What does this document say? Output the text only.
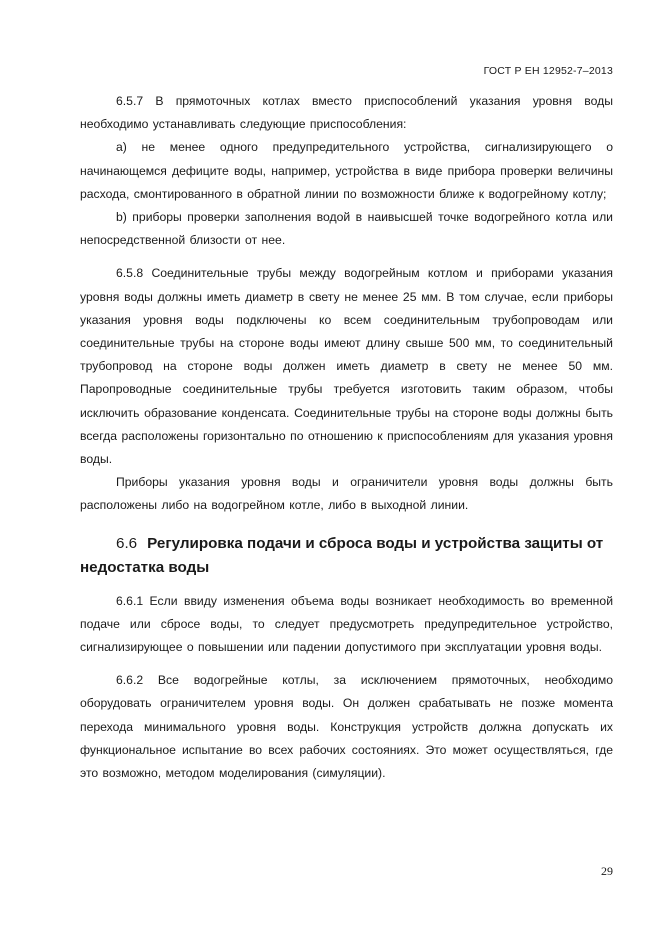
ГОСТ Р ЕН 12952-7–2013

6.5.7 В прямоточных котлах вместо приспособлений указания уровня воды необходимо устанавливать следующие приспособления:

a) не менее одного предупредительного устройства, сигнализирующего о начинающемся дефиците воды, например, устройства в виде прибора проверки величины расхода, смонтированного в обратной линии по возможности ближе к водогрейному котлу;

b) приборы проверки заполнения водой в наивысшей точке водогрейного котла или непосредственной близости от нее.

6.5.8 Соединительные трубы между водогрейным котлом и приборами указания уровня воды должны иметь диаметр в свету не менее 25 мм. В том случае, если приборы указания уровня воды подключены ко всем соединительным трубопроводам или соединительные трубы на стороне воды имеют длину свыше 500 мм, то соединительный трубопровод на стороне воды должен иметь диаметр в свету не менее 50 мм. Паропроводные соединительные трубы требуется изготовить таким образом, чтобы исключить образование конденсата. Соединительные трубы на стороне воды должны быть всегда расположены горизонтально по отношению к приспособлениям для указания уровня воды.

Приборы указания уровня воды и ограничители уровня воды должны быть расположены либо на водогрейном котле, либо в выходной линии.

6.6 Регулировка подачи и сброса воды и устройства защиты от недостатка воды

6.6.1 Если ввиду изменения объема воды возникает необходимость во временной подаче или сбросе воды, то следует предусмотреть предупредительное устройство, сигнализирующее о повышении или падении допустимого при эксплуатации уровня воды.

6.6.2 Все водогрейные котлы, за исключением прямоточных, необходимо оборудовать ограничителем уровня воды. Он должен срабатывать не позже момента перехода минимального уровня воды. Конструкция устройств должна допускать их функциональное испытание во всех рабочих состояниях. Это может осуществляться, где это возможно, методом моделирования (симуляции).

29
